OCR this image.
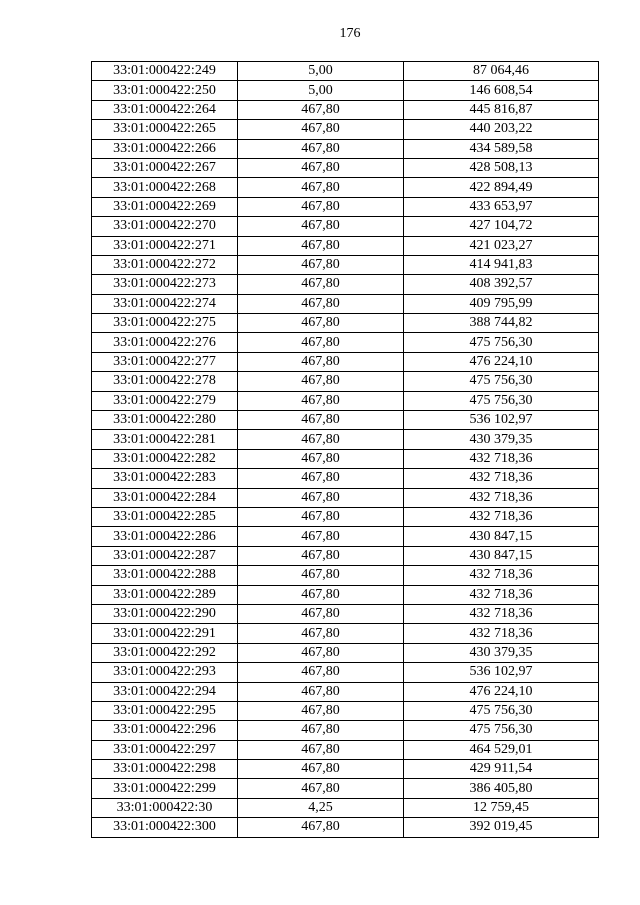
176
33:01:000422:249	5,00	87 064,46
33:01:000422:250	5,00	146 608,54
33:01:000422:264	467,80	445 816,87
33:01:000422:265	467,80	440 203,22
33:01:000422:266	467,80	434 589,58
33:01:000422:267	467,80	428 508,13
33:01:000422:268	467,80	422 894,49
33:01:000422:269	467,80	433 653,97
33:01:000422:270	467,80	427 104,72
33:01:000422:271	467,80	421 023,27
33:01:000422:272	467,80	414 941,83
33:01:000422:273	467,80	408 392,57
33:01:000422:274	467,80	409 795,99
33:01:000422:275	467,80	388 744,82
33:01:000422:276	467,80	475 756,30
33:01:000422:277	467,80	476 224,10
33:01:000422:278	467,80	475 756,30
33:01:000422:279	467,80	475 756,30
33:01:000422:280	467,80	536 102,97
33:01:000422:281	467,80	430 379,35
33:01:000422:282	467,80	432 718,36
33:01:000422:283	467,80	432 718,36
33:01:000422:284	467,80	432 718,36
33:01:000422:285	467,80	432 718,36
33:01:000422:286	467,80	430 847,15
33:01:000422:287	467,80	430 847,15
33:01:000422:288	467,80	432 718,36
33:01:000422:289	467,80	432 718,36
33:01:000422:290	467,80	432 718,36
33:01:000422:291	467,80	432 718,36
33:01:000422:292	467,80	430 379,35
33:01:000422:293	467,80	536 102,97
33:01:000422:294	467,80	476 224,10
33:01:000422:295	467,80	475 756,30
33:01:000422:296	467,80	475 756,30
33:01:000422:297	467,80	464 529,01
33:01:000422:298	467,80	429 911,54
33:01:000422:299	467,80	386 405,80
33:01:000422:30	4,25	12 759,45
33:01:000422:300	467,80	392 019,45
